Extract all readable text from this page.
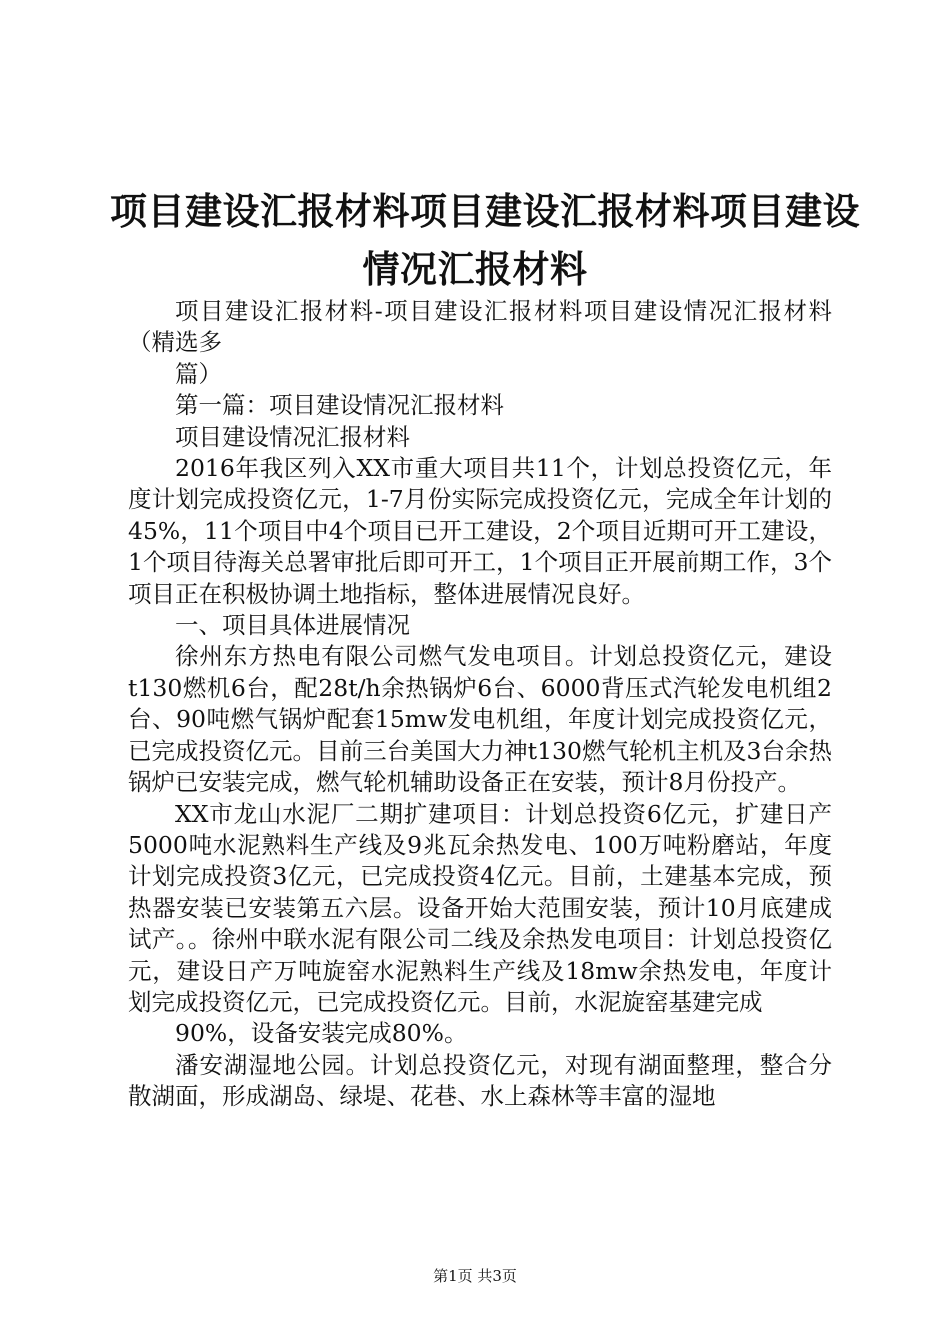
项目建设汇报材料项目建设汇报材料项目建设
情况汇报材料

项目建设汇报材料-项目建设汇报材料项目建设情况汇报材料（精选多

篇）

第一篇：项目建设情况汇报材料

项目建设情况汇报材料

2016年我区列入XX市重大项目共11个，计划总投资亿元，年度计划完成投资亿元，1-7月份实际完成投资亿元，完成全年计划的45%，11个项目中4个项目已开工建设，2个项目近期可开工建设，1个项目待海关总署审批后即可开工，1个项目正开展前期工作，3个项目正在积极协调土地指标，整体进展情况良好。

一、项目具体进展情况

徐州东方热电有限公司燃气发电项目。计划总投资亿元，建设t130燃机6台，配28t/h余热锅炉6台、6000背压式汽轮发电机组2台、90吨燃气锅炉配套15mw发电机组，年度计划完成投资亿元，已完成投资亿元。目前三台美国大力神t130燃气轮机主机及3台余热锅炉已安装完成，燃气轮机辅助设备正在安装，预计8月份投产。

XX市龙山水泥厂二期扩建项目：计划总投资6亿元，扩建日产5000吨水泥熟料生产线及9兆瓦余热发电、100万吨粉磨站，年度计划完成投资3亿元，已完成投资4亿元。目前，土建基本完成，预热器安装已安装第五六层。设备开始大范围安装，预计10月底建成试产。。徐州中联水泥有限公司二线及余热发电项目：计划总投资亿元，建设日产万吨旋窑水泥熟料生产线及18mw余热发电，年度计划完成投资亿元，已完成投资亿元。目前，水泥旋窑基建完成

90%，设备安装完成80%。

潘安湖湿地公园。计划总投资亿元，对现有湖面整理，整合分散湖面，形成湖岛、绿堤、花巷、水上森林等丰富的湿地

第1页 共3页
